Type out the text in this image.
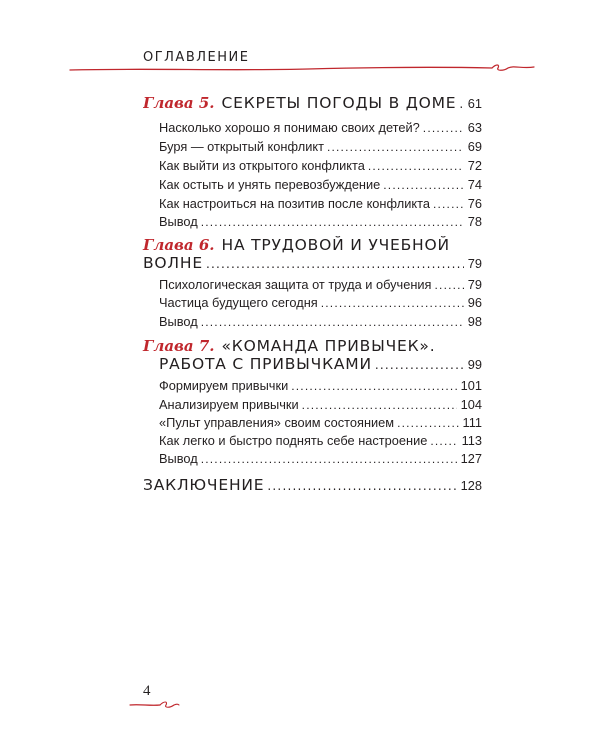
ОГЛАВЛЕНИЕ
Глава 5. СЕКРЕТЫ ПОГОДЫ В ДОМЕ ..... 61
Насколько хорошо я понимаю своих детей? .....	63
Буря — открытый конфликт .....	69
Как выйти из открытого конфликта .....	72
Как остыть и унять перевозбуждение .....	74
Как настроиться на позитив после конфликта .....	76
Вывод .....	78
Глава 6. НА ТРУДОВОЙ И УЧЕБНОЙ
ВОЛНЕ .....	79
Психологическая защита от труда и обучения .....	79
Частица будущего сегодня .....	96
Вывод .....	98
Глава 7. «КОМАНДА ПРИВЫЧЕК».
РАБОТА С ПРИВЫЧКАМИ .....	99
Формируем привычки .....	101
Анализируем привычки .....	104
«Пульт управления» своим состоянием .....	111
Как легко и быстро поднять себе настроение .....	113
Вывод .....	127
ЗАКЛЮЧЕНИЕ .....	128
4
